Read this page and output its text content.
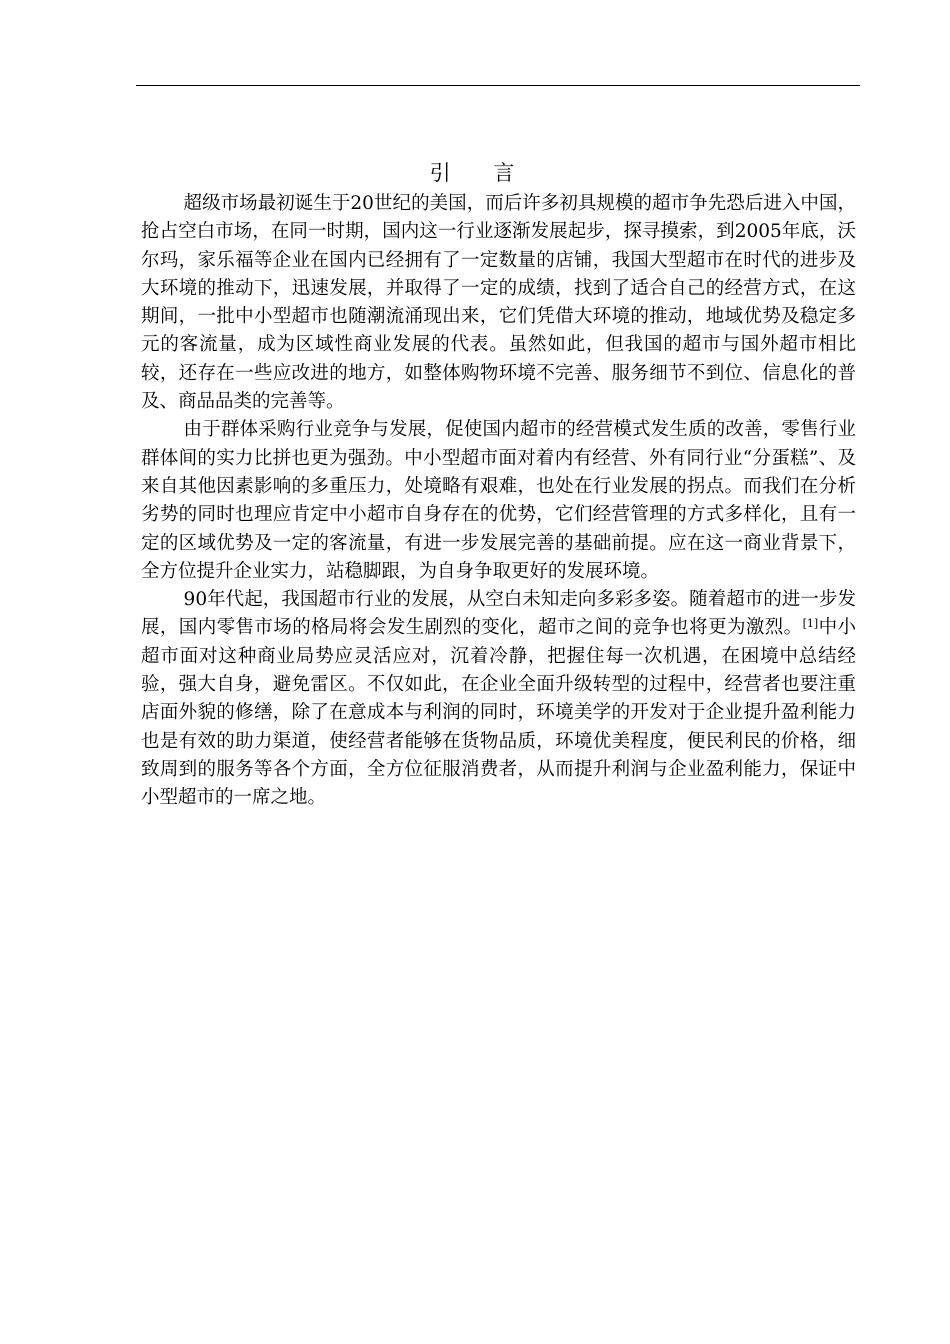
引 言

超级市场最初诞生于20世纪的美国，而后许多初具规模的超市争先恐后进入中国，抢占空白市场，在同一时期，国内这一行业逐渐发展起步，探寻摸索，到2005年底，沃尔玛，家乐福等企业在国内已经拥有了一定数量的店铺，我国大型超市在时代的进步及大环境的推动下，迅速发展，并取得了一定的成绩，找到了适合自己的经营方式，在这期间，一批中小型超市也随潮流涌现出来，它们凭借大环境的推动，地域优势及稳定多元的客流量，成为区域性商业发展的代表。虽然如此，但我国的超市与国外超市相比较，还存在一些应改进的地方，如整体购物环境不完善、服务细节不到位、信息化的普及、商品品类的完善等。

由于群体采购行业竞争与发展，促使国内超市的经营模式发生质的改善，零售行业群体间的实力比拼也更为强劲。中小型超市面对着内有经营、外有同行业“分蛋糕”、及来自其他因素影响的多重压力，处境略有艰难，也处在行业发展的拐点。而我们在分析劣势的同时也理应肯定中小超市自身存在的优势，它们经营管理的方式多样化，且有一定的区域优势及一定的客流量，有进一步发展完善的基础前提。应在这一商业背景下，全方位提升企业实力，站稳脚跟，为自身争取更好的发展环境。

90年代起，我国超市行业的发展，从空白未知走向多彩多姿。随着超市的进一步发展，国内零售市场的格局将会发生剧烈的变化，超市之间的竞争也将更为激烈。[1]中小超市面对这种商业局势应灵活应对，沉着冷静，把握住每一次机遇，在困境中总结经验，强大自身，避免雷区。不仅如此，在企业全面升级转型的过程中，经营者也要注重店面外貌的修缮，除了在意成本与利润的同时，环境美学的开发对于企业提升盈利能力也是有效的助力渠道，使经营者能够在货物品质，环境优美程度，便民利民的价格，细致周到的服务等各个方面，全方位征服消费者，从而提升利润与企业盈利能力，保证中小型超市的一席之地。
